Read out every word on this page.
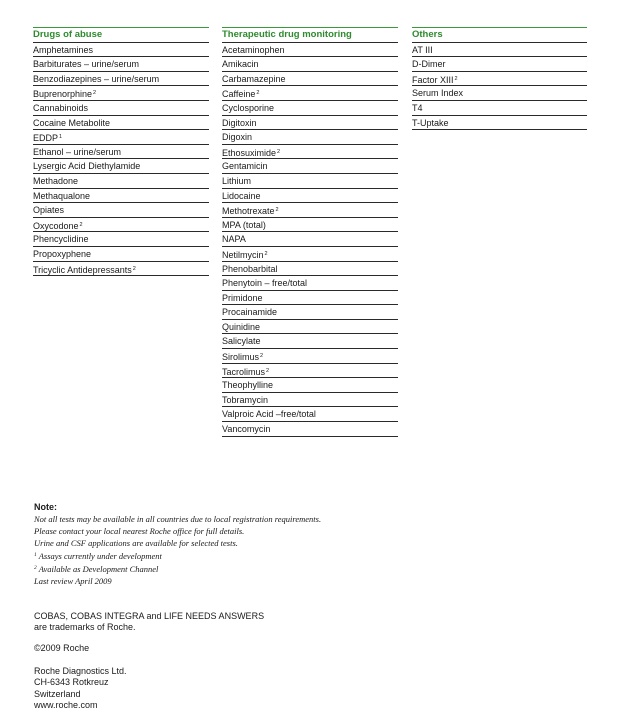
Drugs of abuse
Amphetamines
Barbiturates – urine/serum
Benzodiazepines – urine/serum
Buprenorphine$^2$
Cannabinoids
Cocaine Metabolite
EDDP$^1$
Ethanol – urine/serum
Lysergic Acid Diethylamide
Methadone
Methaqualone
Opiates
Oxycodone$^2$
Phencyclidine
Propoxyphene
Tricyclic Antidepressants$^2$
Therapeutic drug monitoring
Acetaminophen
Amikacin
Carbamazepine
Caffeine$^2$
Cyclosporine
Digitoxin
Digoxin
Ethosuximide$^2$
Gentamicin
Lithium
Lidocaine
Methotrexate$^2$
MPA (total)
NAPA
Netilmycin$^2$
Phenobarbital
Phenytoin – free/total
Primidone
Procainamide
Quinidine
Salicylate
Sirolimus$^2$
Tacrolimus$^2$
Theophylline
Tobramycin
Valproic Acid –free/total
Vancomycin
Others
AT III
D-Dimer
Factor XIII$^2$
Serum Index
T4
T-Uptake
Note:
Not all tests may be available in all countries due to local registration requirements.
Please contact your local nearest Roche office for full details.
Urine and CSF applications are available for selected tests.
$^1$ Assays currently under development
$^2$ Available as Development Channel
Last review April 2009
COBAS, COBAS INTEGRA and LIFE NEEDS ANSWERS
are trademarks of Roche.
©2009 Roche
Roche Diagnostics Ltd.
CH-6343 Rotkreuz
Switzerland
www.roche.com
